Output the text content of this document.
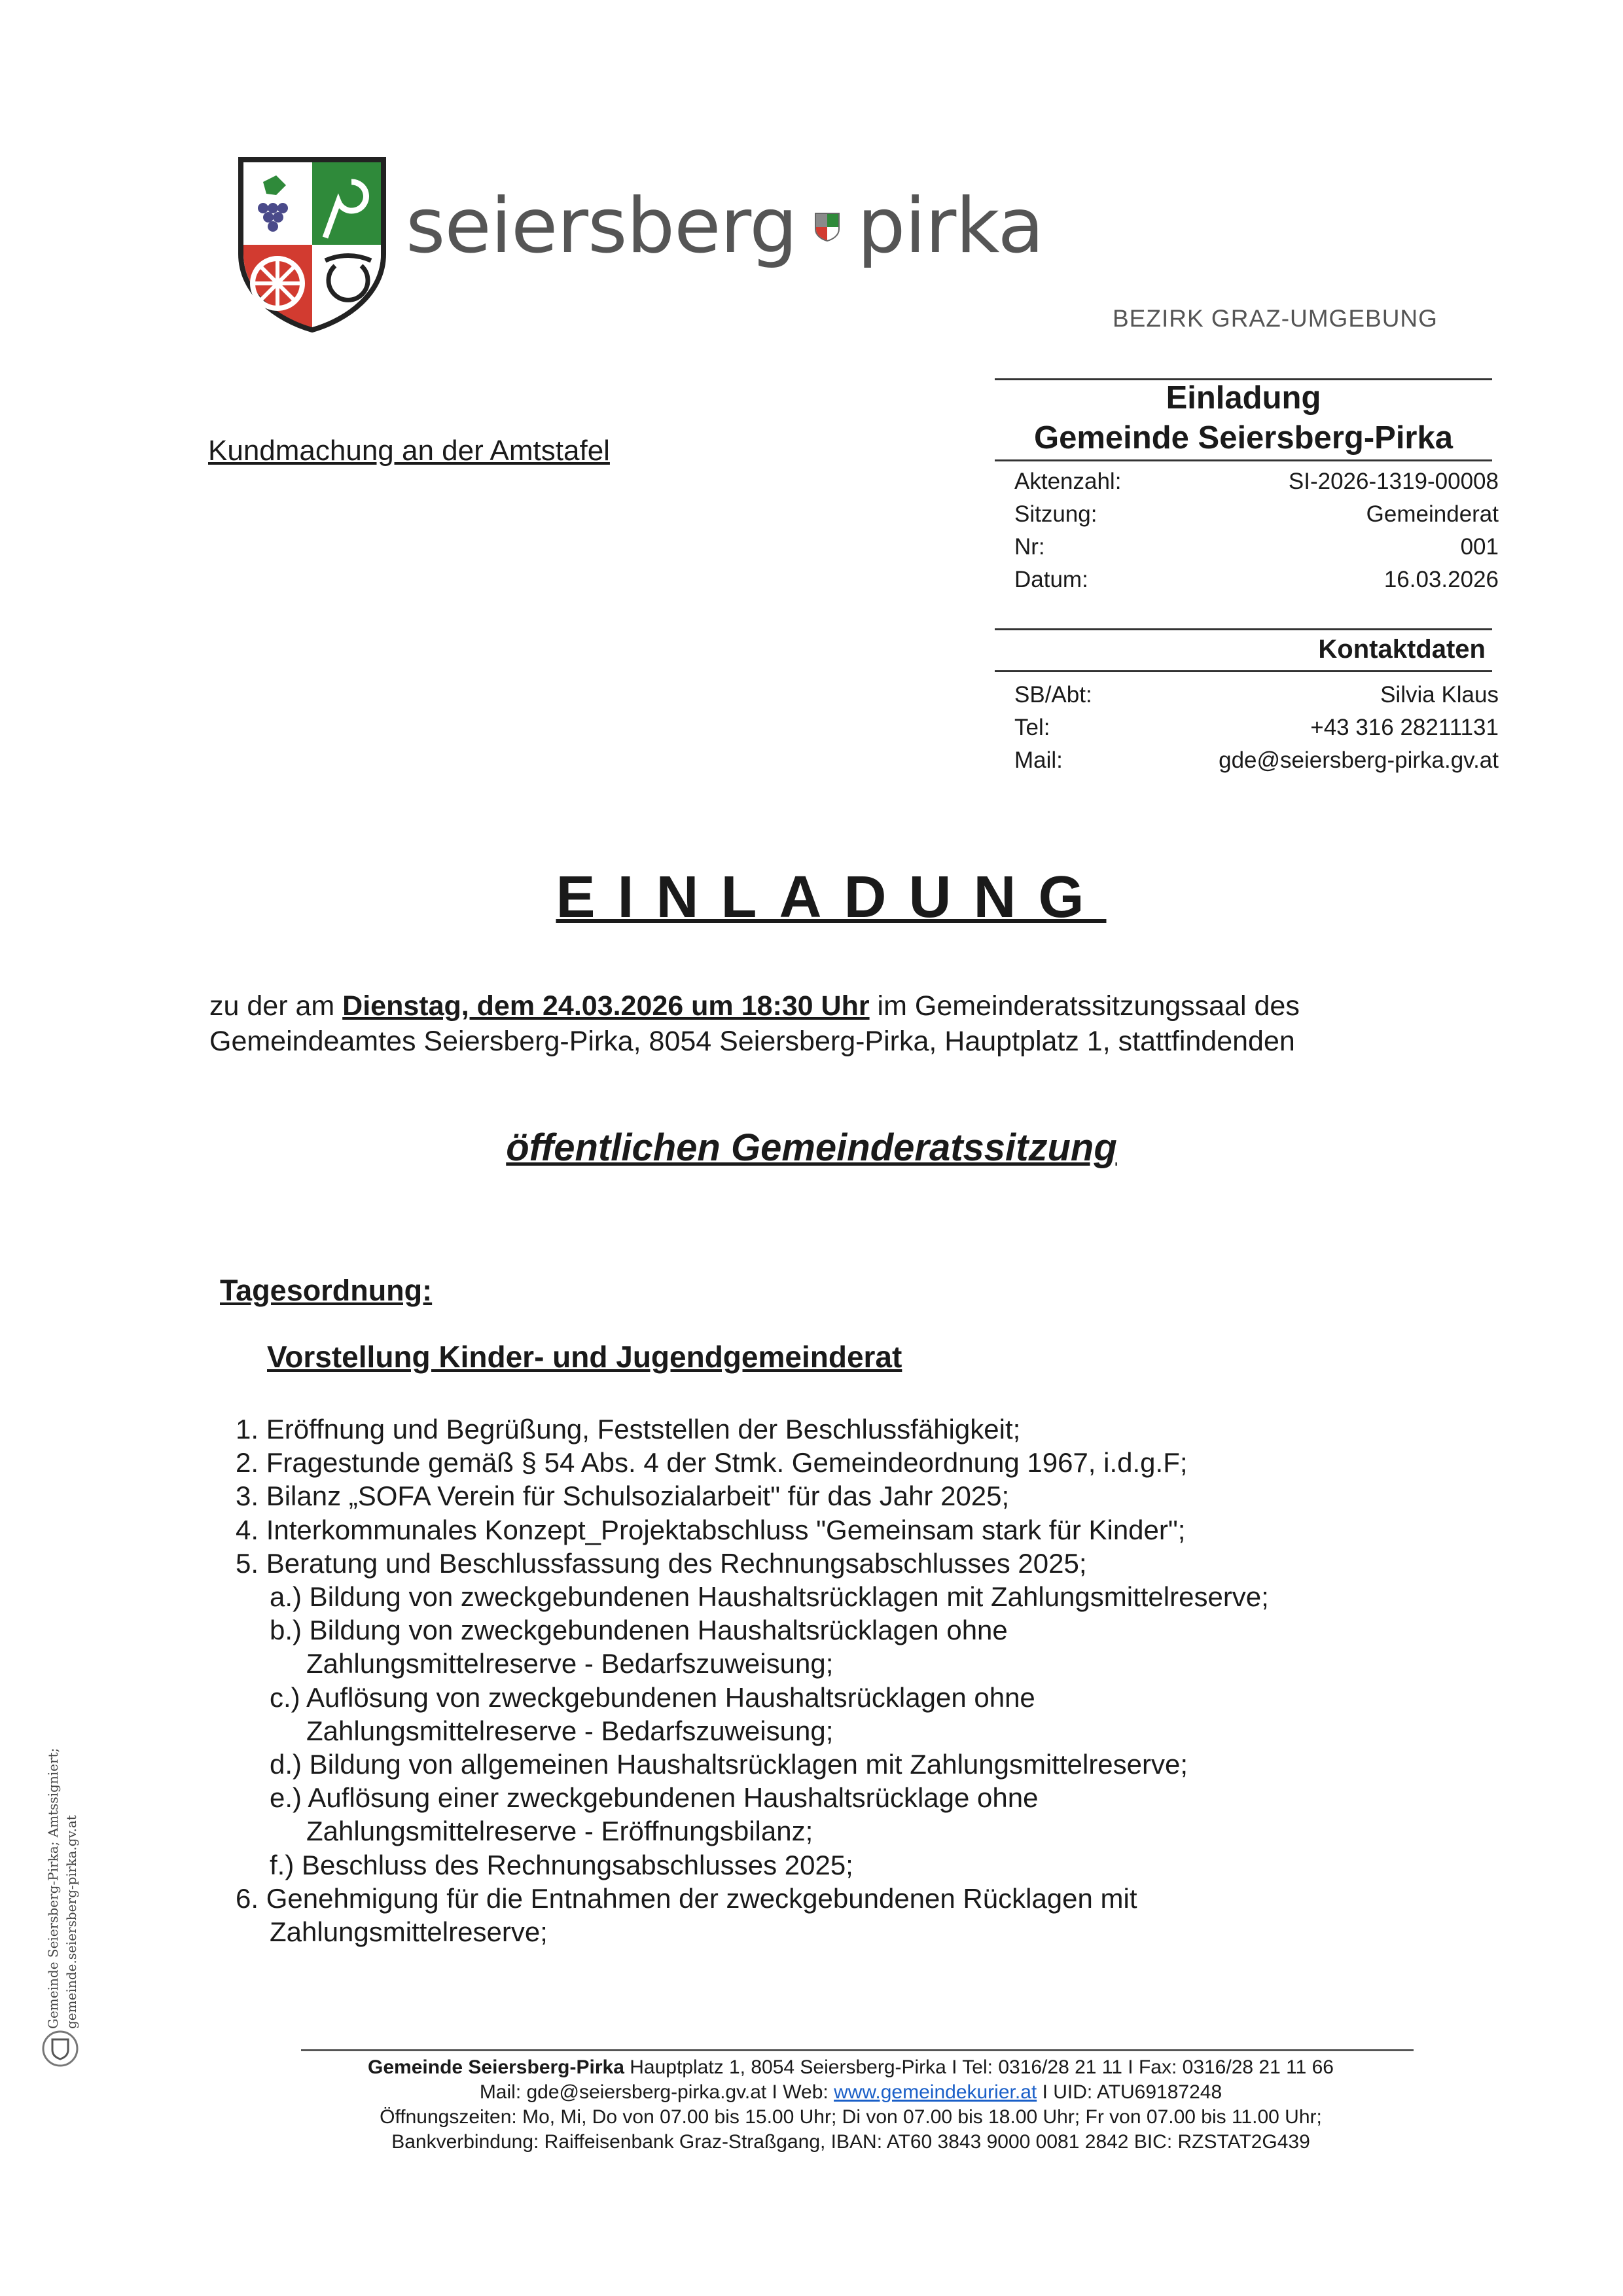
seiersberg pirka
BEZIRK GRAZ-UMGEBUNG
Kundmachung an der Amtstafel
Einladung
Gemeinde Seiersberg-Pirka
Aktenzahl:	SI-2026-1319-00008
Sitzung:	Gemeinderat
Nr:	001
Datum:	16.03.2026
Kontaktdaten
SB/Abt:	Silvia Klaus
Tel:	+43 316 28211131
Mail:	gde@seiersberg-pirka.gv.at
EINLADUNG
zu der am Dienstag, dem 24.03.2026 um 18:30 Uhr im Gemeinderatssitzungssaal des
Gemeindeamtes Seiersberg-Pirka, 8054 Seiersberg-Pirka, Hauptplatz 1, stattfindenden
öffentlichen Gemeinderatssitzung
Tagesordnung:
Vorstellung Kinder- und Jugendgemeinderat
1. Eröffnung und Begrüßung, Feststellen der Beschlussfähigkeit;
2. Fragestunde gemäß § 54 Abs. 4 der Stmk. Gemeindeordnung 1967, i.d.g.F;
3. Bilanz „SOFA Verein für Schulsozialarbeit" für das Jahr 2025;
4. Interkommunales Konzept_Projektabschluss "Gemeinsam stark für Kinder";
5. Beratung und Beschlussfassung des Rechnungsabschlusses 2025;
a.) Bildung von zweckgebundenen Haushaltsrücklagen mit Zahlungsmittelreserve;
b.) Bildung von zweckgebundenen Haushaltsrücklagen ohne
Zahlungsmittelreserve - Bedarfszuweisung;
c.) Auflösung von zweckgebundenen Haushaltsrücklagen ohne
Zahlungsmittelreserve - Bedarfszuweisung;
d.) Bildung von allgemeinen Haushaltsrücklagen mit Zahlungsmittelreserve;
e.) Auflösung einer zweckgebundenen Haushaltsrücklage ohne
Zahlungsmittelreserve - Eröffnungsbilanz;
f.) Beschluss des Rechnungsabschlusses 2025;
6. Genehmigung für die Entnahmen der zweckgebundenen Rücklagen mit
Zahlungsmittelreserve;
Gemeinde Seiersberg-Pirka; Amtssigniert; gemeinde.seiersberg-pirka.gv.at
Gemeinde Seiersberg-Pirka Hauptplatz 1, 8054 Seiersberg-Pirka I Tel: 0316/28 21 11 I Fax: 0316/28 21 11 66
Mail: gde@seiersberg-pirka.gv.at I Web: www.gemeindekurier.at I UID: ATU69187248
Öffnungszeiten: Mo, Mi, Do von 07.00 bis 15.00 Uhr; Di von 07.00 bis 18.00 Uhr; Fr von 07.00 bis 11.00 Uhr;
Bankverbindung: Raiffeisenbank Graz-Straßgang, IBAN: AT60 3843 9000 0081 2842 BIC: RZSTAT2G439
